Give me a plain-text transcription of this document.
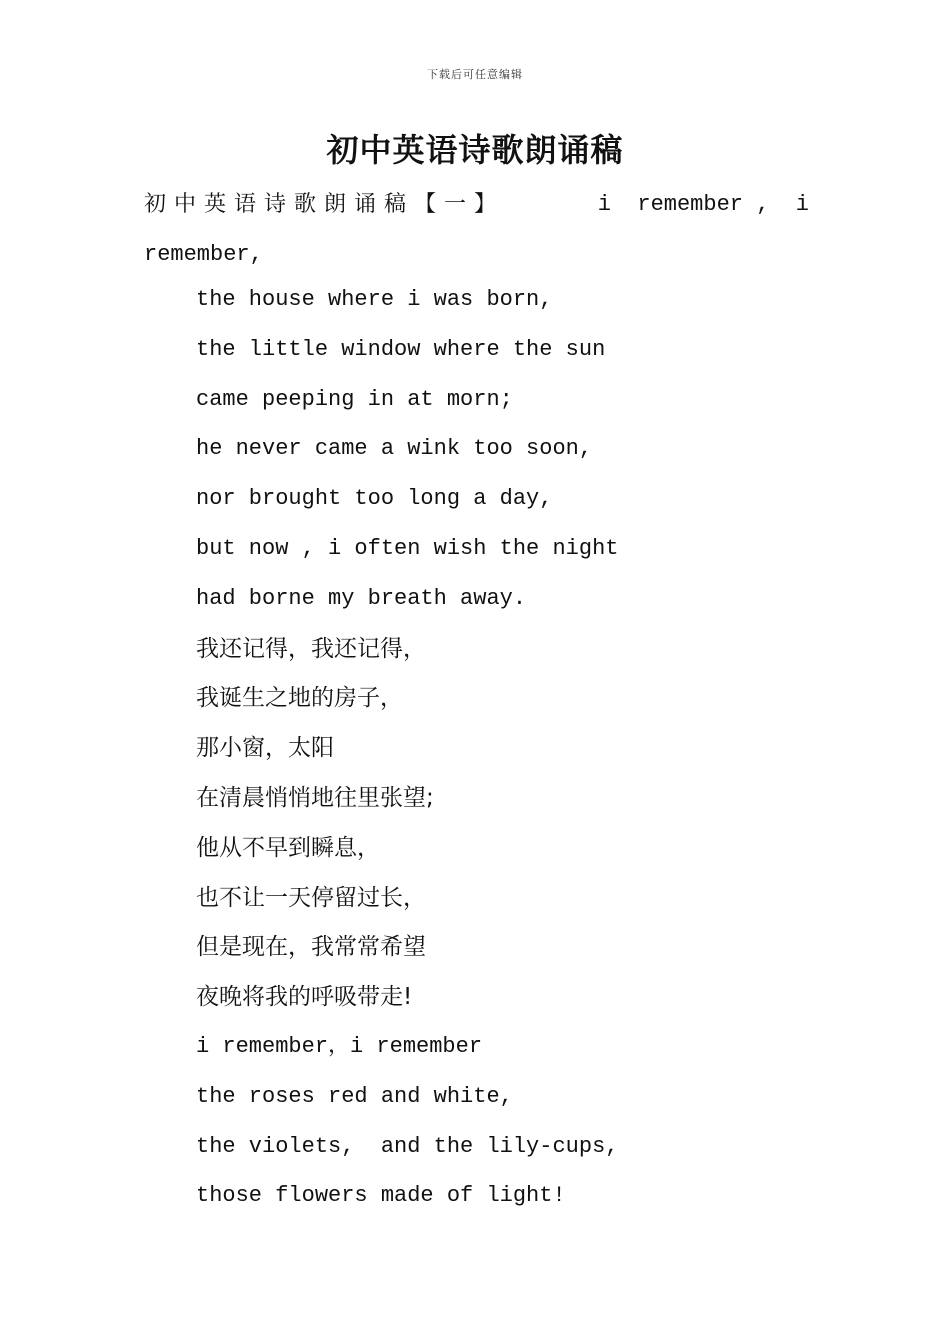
下载后可任意编辑
初中英语诗歌朗诵稿
初中英语诗歌朗诵稿【一】	i  remember ,  i
remember,
the house where i was born,
the little window where the sun
came peeping in at morn;
he never came a wink too soon,
nor brought too long a day,
but now , i often wish the night
had borne my breath away.
我还记得，我还记得，
我诞生之地的房子，
那小窗，太阳
在清晨悄悄地往里张望;
他从不早到瞬息，
也不让一天停留过长，
但是现在，我常常希望
夜晚将我的呼吸带走!
i remember，i remember
the roses red and white,
the violets,  and the lily-cups,
those flowers made of light!
